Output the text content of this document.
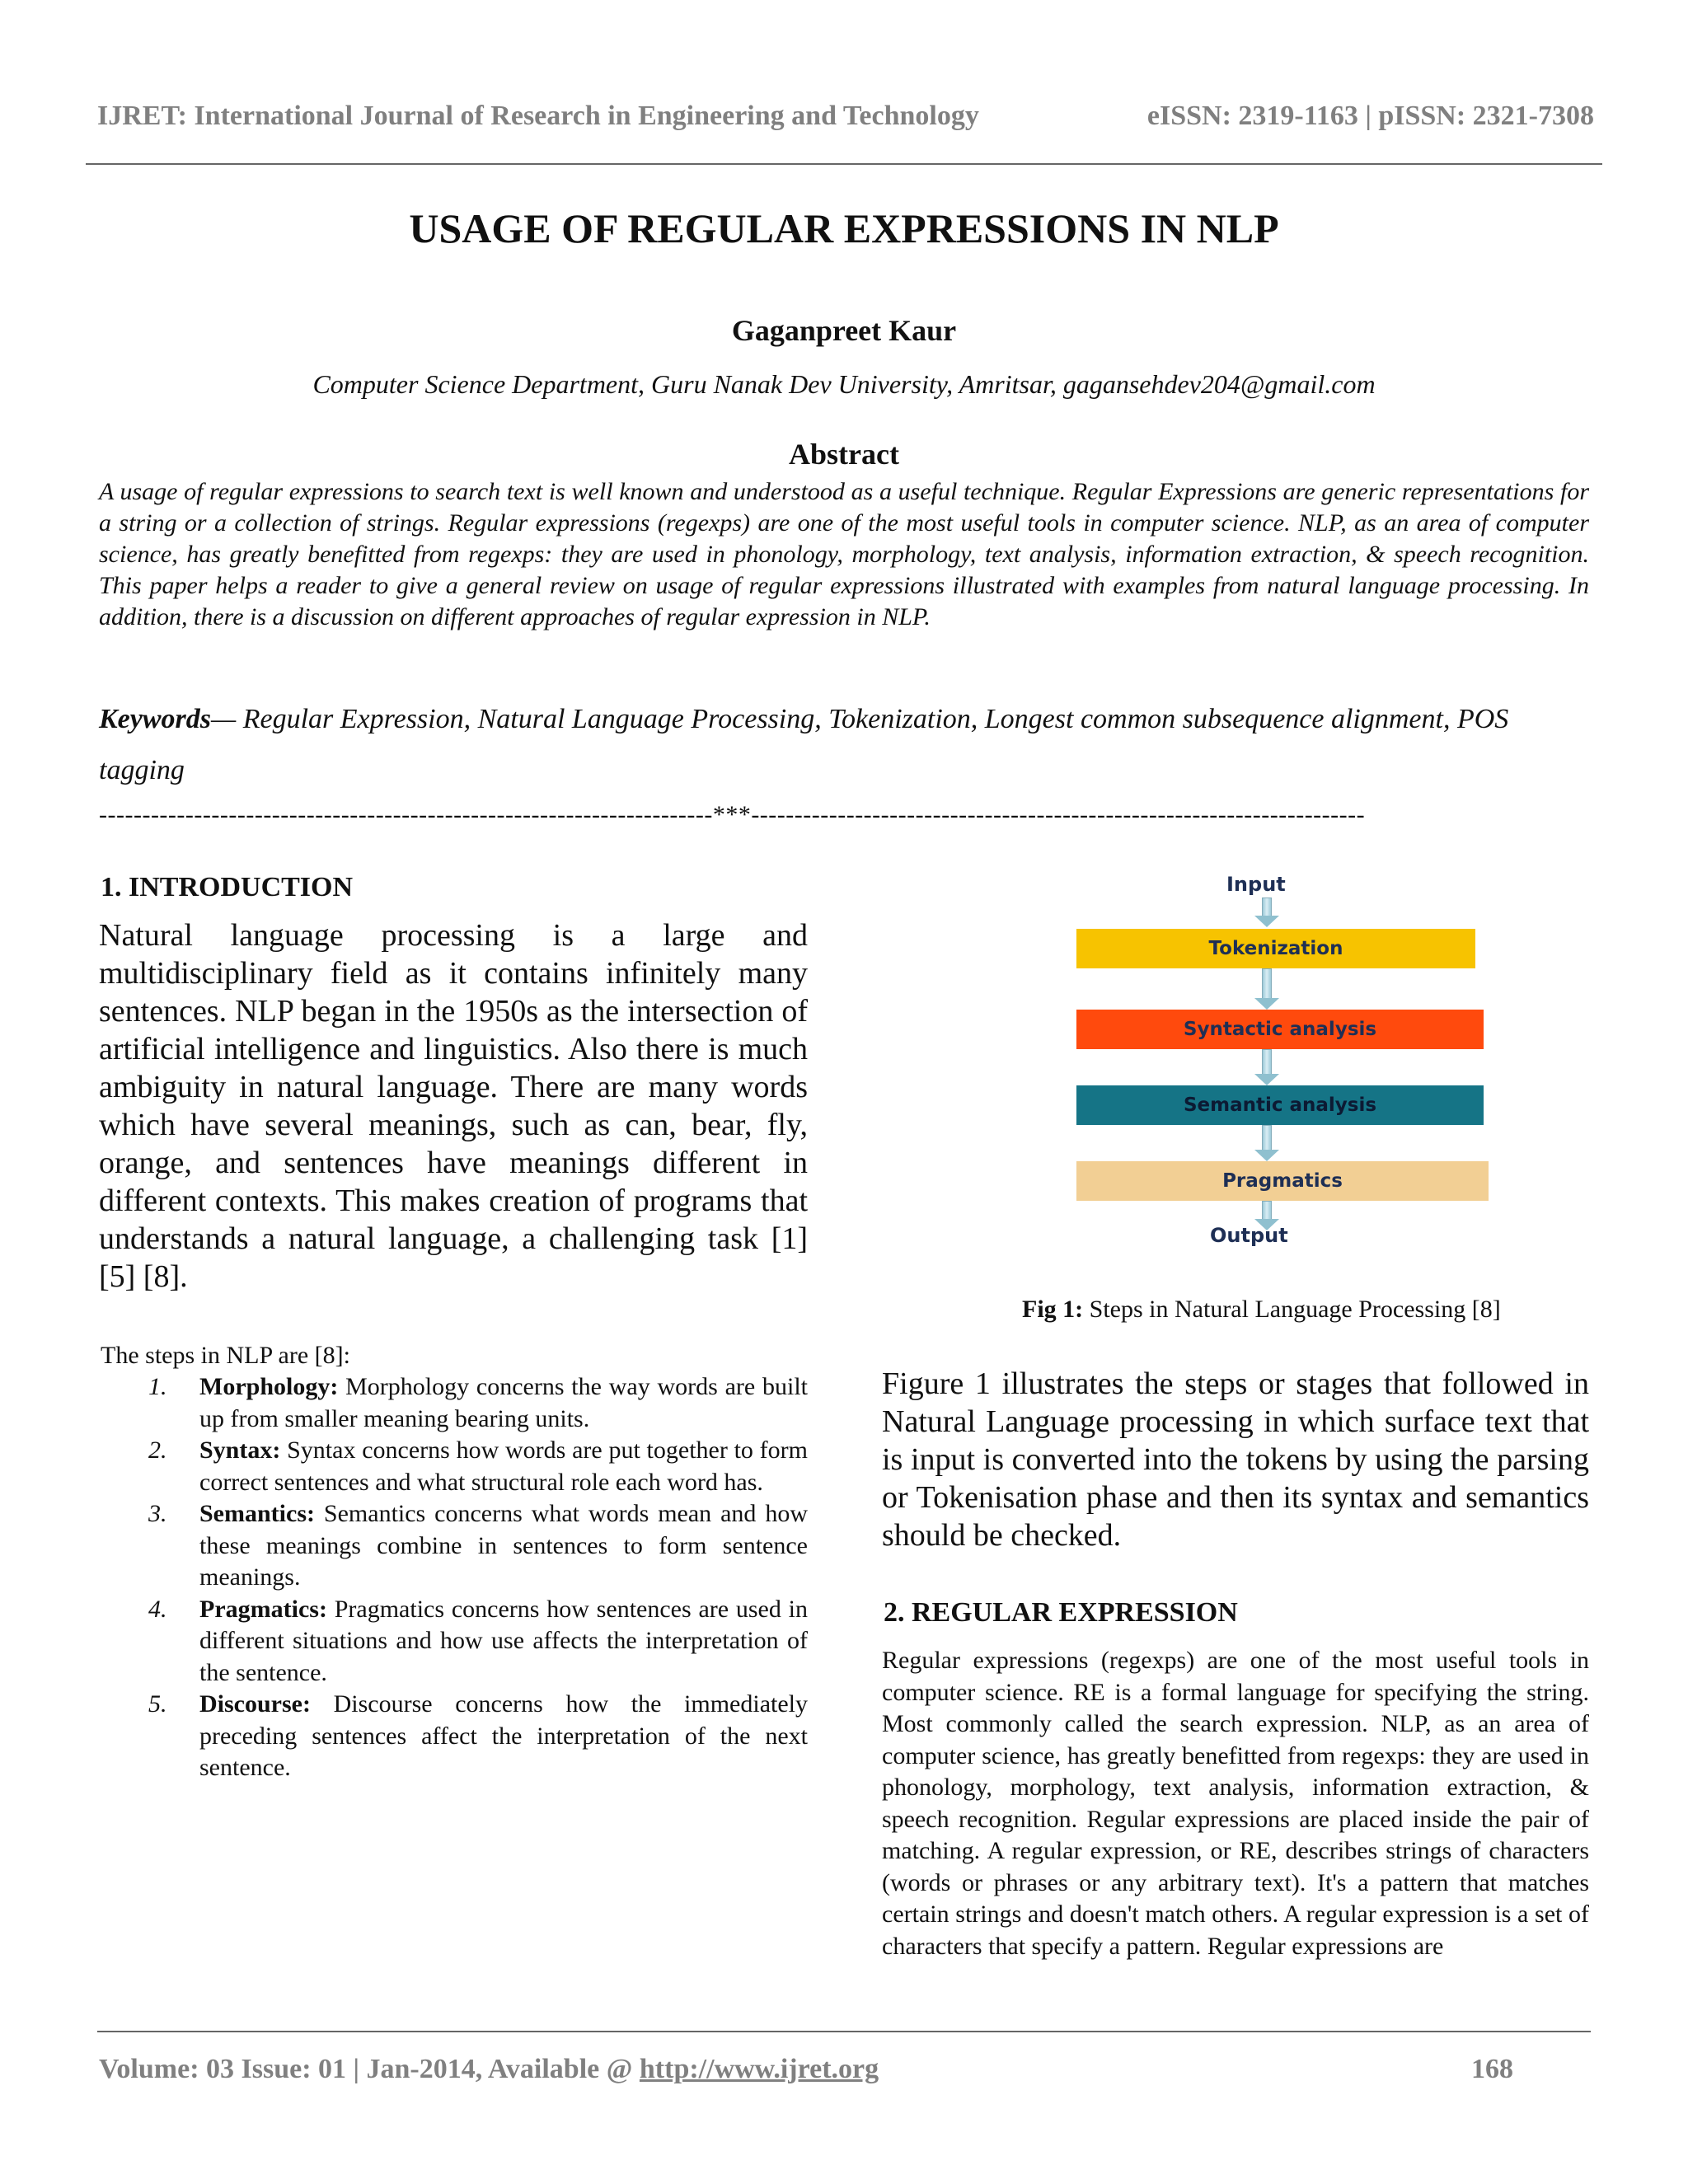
IJRET: International Journal of Research in Engineering and Technology	eISSN: 2319-1163 | pISSN: 2321-7308
USAGE OF REGULAR EXPRESSIONS IN NLP
Gaganpreet Kaur
Computer Science Department, Guru Nanak Dev University, Amritsar, gagansehdev204@gmail.com
Abstract
A usage of regular expressions to search text is well known and understood as a useful technique. Regular Expressions are generic representations for a string or a collection of strings. Regular expressions (regexps) are one of the most useful tools in computer science. NLP, as an area of computer science, has greatly benefitted from regexps: they are used in phonology, morphology, text analysis, information extraction, & speech recognition. This paper helps a reader to give a general review on usage of regular expressions illustrated with examples from natural language processing. In addition, there is a discussion on different approaches of regular expression in NLP.
Keywords— Regular Expression, Natural Language Processing, Tokenization, Longest common subsequence alignment, POS tagging
-----------------------------------------------------------------------***-----------------------------------------------------------------------
1. INTRODUCTION
Natural language processing is a large and multidisciplinary field as it contains infinitely many sentences. NLP began in the 1950s as the intersection of artificial intelligence and linguistics. Also there is much ambiguity in natural language. There are many words which have several meanings, such as can, bear, fly, orange, and sentences have meanings different in different contexts. This makes creation of programs that understands a natural language, a challenging task [1] [5] [8].
The steps in NLP are [8]:
1. Morphology: Morphology concerns the way words are built up from smaller meaning bearing units.
2. Syntax: Syntax concerns how words are put together to form correct sentences and what structural role each word has.
3. Semantics: Semantics concerns what words mean and how these meanings combine in sentences to form sentence meanings.
4. Pragmatics: Pragmatics concerns how sentences are used in different situations and how use affects the interpretation of the sentence.
5. Discourse: Discourse concerns how the immediately preceding sentences affect the interpretation of the next sentence.
Input
Tokenization
Syntactic analysis
Semantic analysis
Pragmatics
Output
Fig 1: Steps in Natural Language Processing [8]
Figure 1 illustrates the steps or stages that followed in Natural Language processing in which surface text that is input is converted into the tokens by using the parsing or Tokenisation phase and then its syntax and semantics should be checked.
2. REGULAR EXPRESSION
Regular expressions (regexps) are one of the most useful tools in computer science. RE is a formal language for specifying the string. Most commonly called the search expression. NLP, as an area of computer science, has greatly benefitted from regexps: they are used in phonology, morphology, text analysis, information extraction, & speech recognition. Regular expressions are placed inside the pair of matching. A regular expression, or RE, describes strings of characters (words or phrases or any arbitrary text). It's a pattern that matches certain strings and doesn't match others. A regular expression is a set of characters that specify a pattern. Regular expressions are
Volume: 03 Issue: 01 | Jan-2014, Available @ http://www.ijret.org	168
